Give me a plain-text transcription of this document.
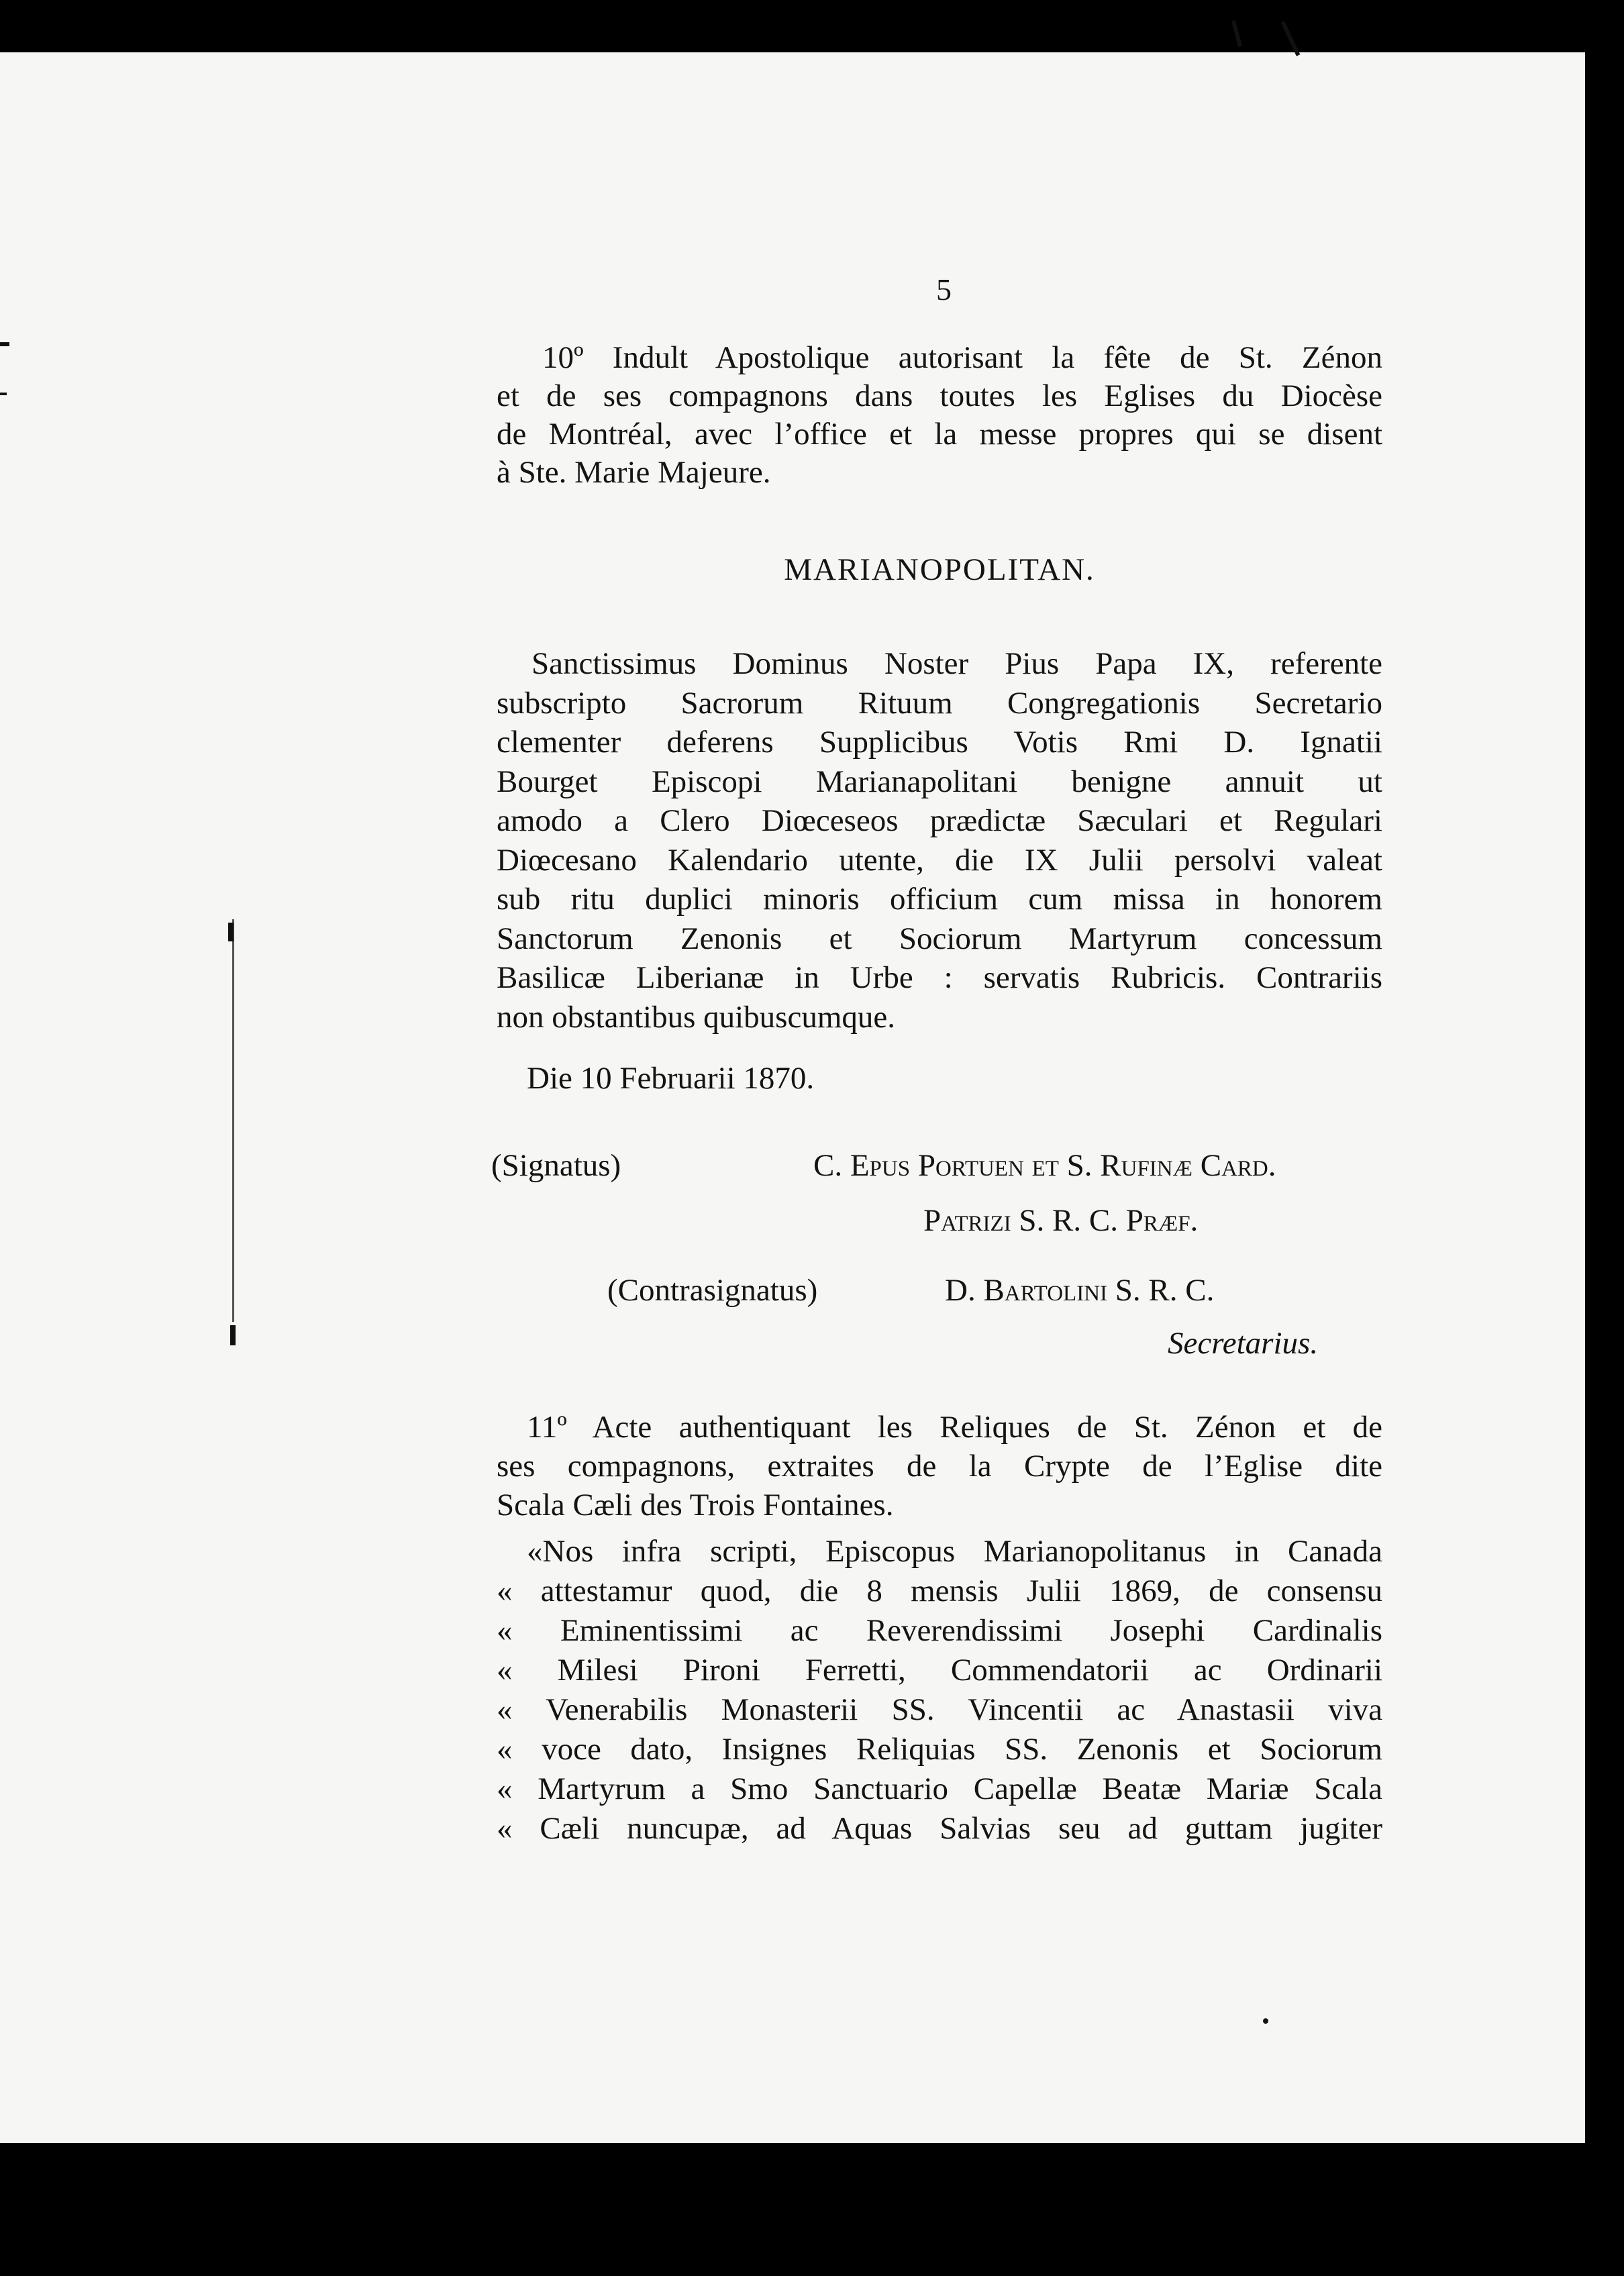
5
10º Indult Apostolique autorisant la fête de St. Zénon
et de ses compagnons dans toutes les Eglises du Diocèse
de Montréal, avec l’office et la messe propres qui se disent
à Ste. Marie Majeure.
MARIANOPOLITAN.
Sanctissimus Dominus Noster Pius Papa IX, referente
subscripto Sacrorum Rituum Congregationis Secretario
clementer deferens Supplicibus Votis Rmi D. Ignatii
Bourget Episcopi Marianapolitani benigne annuit ut
amodo a Clero Diœceseos prædictæ Sæculari et Regulari
Diœcesano Kalendario utente, die IX Julii persolvi valeat
sub ritu duplici minoris officium cum missa in honorem
Sanctorum Zenonis et Sociorum Martyrum concessum
Basilicæ Liberianæ in Urbe : servatis Rubricis. Contrariis
non obstantibus quibuscumque.
Die 10 Februarii 1870.
(Signatus)	C. Epus Portuen et S. Rufinæ Card.
Patrizi S. R. C. Præf.
(Contrasignatus)	D. Bartolini S. R. C.
Secretarius.
11º Acte authentiquant les Reliques de St. Zénon et de
ses compagnons, extraites de la Crypte de l’Eglise dite
Scala Cæli des Trois Fontaines.
«Nos infra scripti, Episcopus Marianopolitanus in Canada
« attestamur quod, die 8 mensis Julii 1869, de consensu
« Eminentissimi ac Reverendissimi Josephi Cardinalis
« Milesi Pironi Ferretti, Commendatorii ac Ordinarii
« Venerabilis Monasterii SS. Vincentii ac Anastasii viva
« voce dato, Insignes Reliquias SS. Zenonis et Sociorum
« Martyrum a Smo Sanctuario Capellæ Beatæ Mariæ Scala
« Cæli nuncupæ, ad Aquas Salvias seu ad guttam jugiter
